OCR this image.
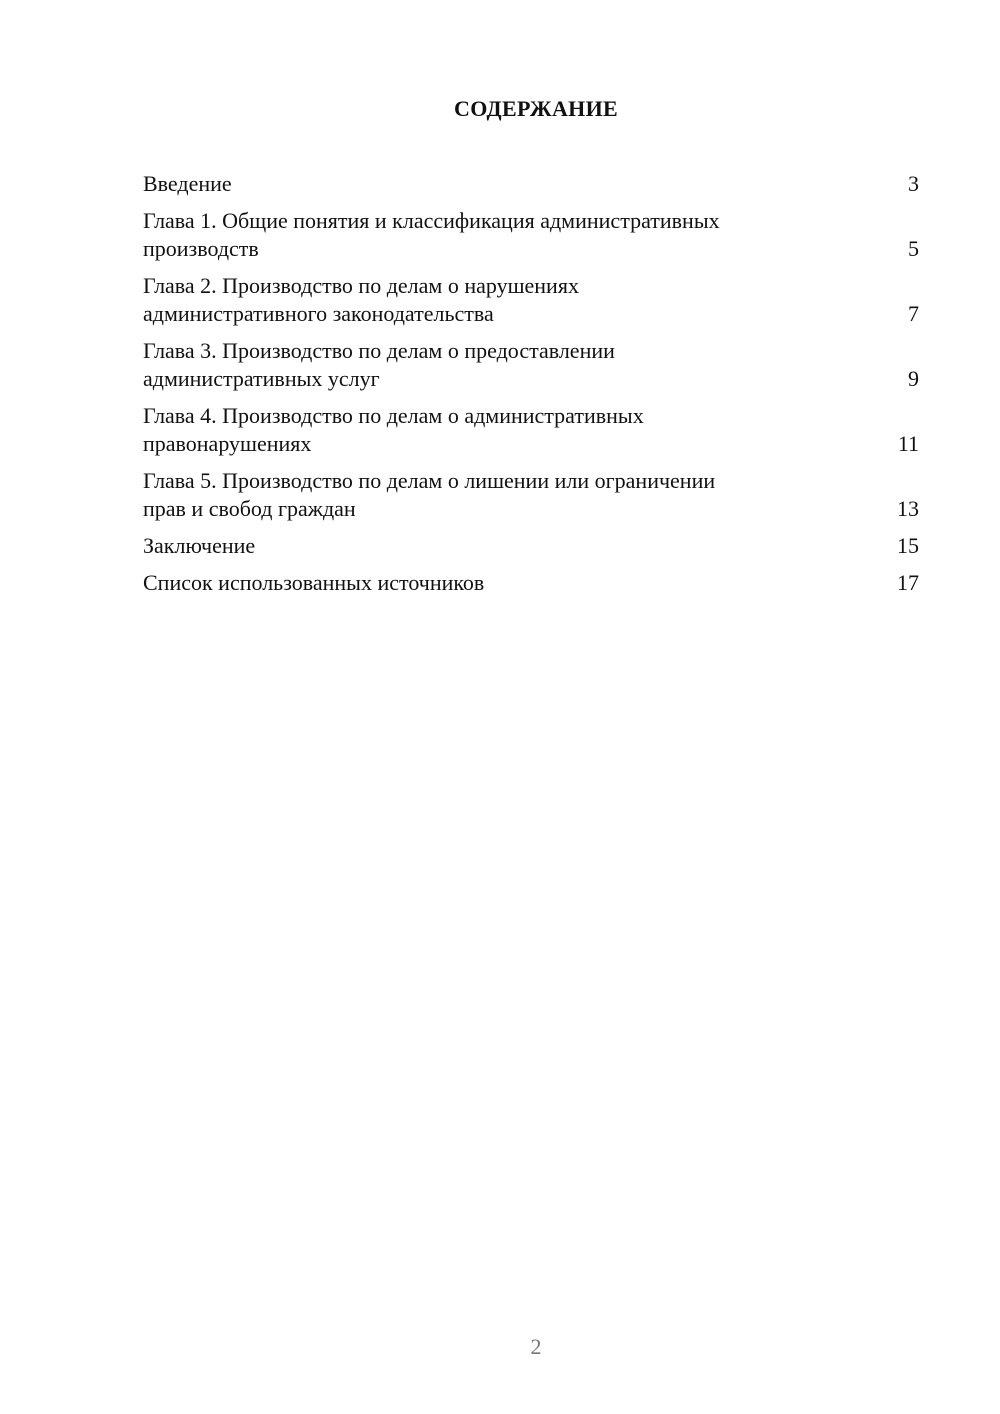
СОДЕРЖАНИЕ
Введение	3
Глава 1. Общие понятия и классификация административных
производств	5
Глава 2. Производство по делам о нарушениях
административного законодательства	7
Глава 3. Производство по делам о предоставлении
административных услуг	9
Глава 4. Производство по делам о административных
правонарушениях	11
Глава 5. Производство по делам о лишении или ограничении
прав и свобод граждан	13
Заключение	15
Список использованных источников	17
2
